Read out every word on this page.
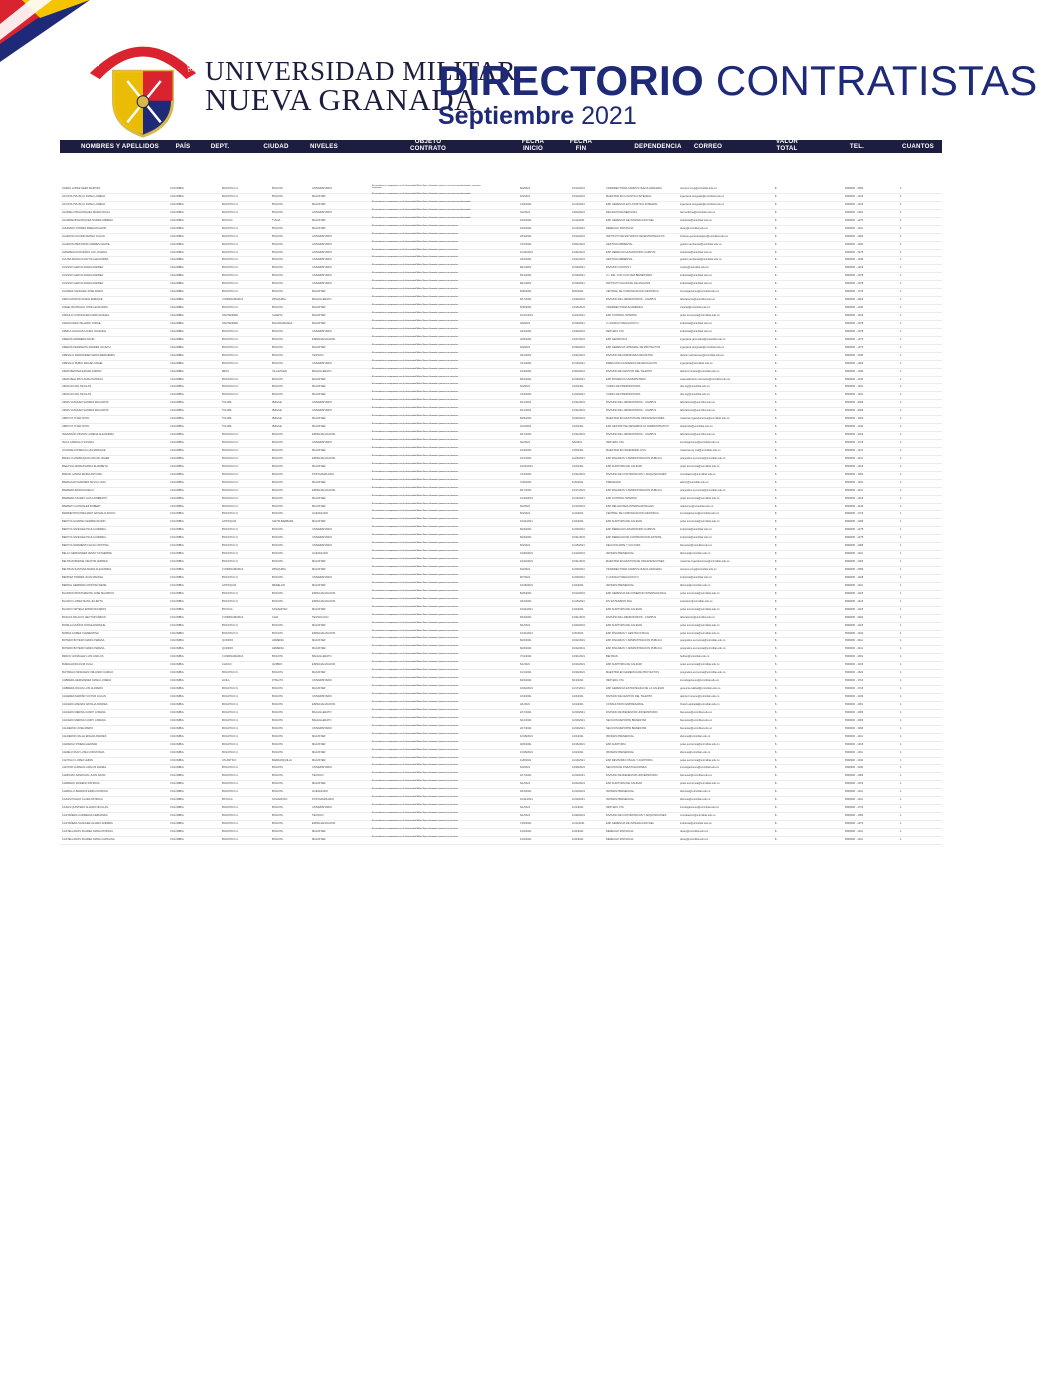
SCIENTIAE · PATRIAE · FAMILIAE UNIVERSIDAD MILITAR
NUEVA GRANADA
DIRECTORIO CONTRATISTAS
Septiembre 2021
NOMBRES Y APELLIDOS	PAÍS	DEPT.	CIUDAD	NIVELES
OBJETO
CONTRATO
FECHA
INICIO
FECHA
FIN	DEPENDENCIA	CORREO
VALOR
TOTAL	TEL.	CUANTOS
ACERO LOPEZ HEIDI MARITZA	COLOMBIA	BOGOTA D.C.	BOGOTA	UNIVERSITARIO
El contratista se compromete con la Universidad Militar Nueva Granada a prestar sus servicios profesionales, con plena autonomía	8/4/2021	15/12/2021	VICERRECTORIA CAMPUS NUEVA GRANADA	campus.vcng@unimilitar.edu.co	$	6500000 - 3050	1
ACOSTA TRUJILLO DIANA LORENA	COLOMBIA	BOGOTA D.C.	BOGOTA	MAGISTER
El contratista se compromete con la Universidad Militar Nueva Granada a prestar sus servicios profesionales
9/4/2021	15/12/2021	MAESTRIA EN LOGISTICA INTEGRAL	ingenieria.posgrado@unimilitar.edu.co	$	6500000 - 1215	1
ACOSTA TRUJILLO DIANA LORENA	COLOMBIA	BOGOTA D.C.	BOGOTA	MAGISTER
El contratista se compromete con la Universidad Militar Nueva Granada a prestar sus servicios profesionales
13/4/2021	11/12/2021	ESP GERENCIA EN LOGISTICA INTEGRAL	ingenieria.posgrado@unimilitar.edu.co	$	6500000 - 1215	1
AGUDELO BOHORQUEZ MARIA PAOLA	COLOMBIA	BOGOTA D.C.	BOGOTA	UNIVERSITARIO
El contratista se compromete con la Universidad Militar Nueva Granada a prestar sus servicios profesionales
4/2/2021	12/02/2021	DECANATURA MEDICINA	facmedicina@unimilitar.edu.co	$	6500000 - 2001	1
AGUIRRE BOHORQUEZ NORMA ANDREA	COLOMBIA	BOYACA	TUNJA	MAGISTER
El contratista se compromete con la Universidad Militar Nueva Granada a prestar sus servicios profesionales
15/4/2021	11/11/2021	ESP GERENCIA DE INTEGRACION DEL	industrial@unimilitar.edu.co	$	6500000 - 1270	1
AHUMADA TORRES BREHAN DAVID	COLOMBIA	BOGOTA D.C.	BOGOTA	MAGISTER
El contratista se compromete con la Universidad Militar Nueva Granada a prestar sus servicios
15/4/2021	11/12/2021	DERECHO DISTANCIA	derep@unimilitar.edu.co	$	6500000 - 1311	1
ALARCON GUARIN MATEO JULIAN	COLOMBIA	BOGOTA D.C.	BOGOTA	UNIVERSITARIO
El contratista se compromete con la Universidad Militar Nueva Granada a prestar sus servicios
2/19/2021	15/12/2021	INSTITUTO DE ESTUDIOS GEOESTRATEGICOS	instituto.geoestrategico@unimilitar.edu.co	$	6500000 - 1360	1
ALARCON BESTIDOR ANDRES FELIPE	COLOMBIA	BOGOTA D.C.	BOGOTA	UNIVERSITARIO
El contratista se compromete con la Universidad Militar Nueva Granada a prestar sus servicios
7/10/2021	15/01/2021	GESTION AMBIENTAL	gestion.ambiental@unimilitar.edu.co	$	6500000 - 1030	1
ALBARRACIN DUEÑAS LUZ JOHANA	COLOMBIA	BOGOTA D.C.	BOGOTA	UNIVERSITARIO
El contratista se compromete con la Universidad Militar Nueva Granada a prestar sus servicios
10/16/2021	12/31/2021	ESP DERECHO HUMANITARIO CAMPUS	industrial@unimilitar.edu.co	$	6500000 - 3176	1
ALCINA FRANCO RAYOS ALEJANDRA	COLOMBIA	BOGOTA D.C.	BOGOTA	UNIVERSITARIO
El contratista se compromete con la Universidad Militar Nueva Granada a prestar sus servicios
2/10/2021	12/21/2021	GESTION AMBIENTAL	gestion.ambiental@unimilitar.edu.co	$	6500000 - 1046	1
ALONSO GARCIA DIANA ANDREA	COLOMBIA	BOGOTA D.C.	BOGOTA	UNIVERSITARIO
El contratista se compromete con la Universidad Militar Nueva Granada a prestar sus servicios
8/11/2021	11/30/2021	DIVISION COSTOS Y	costos@unimilitar.edu.co	$	6500000 - 1219	1
ALONSO GARCIA DIANA ANDREA	COLOMBIA	BOGOTA D.C.	BOGOTA	UNIVERSITARIO
El contratista se compromete con la Universidad Militar Nueva Granada a prestar sus servicios
8/12/2021	11/30/2021	C.I. IND. CON CULTURA BIENESTARO	industrial@unimilitar.edu.co	$	6500000 - 1278	1
ALONSO GARCIA DIANA ANDREA	COLOMBIA	BOGOTA D.C.	BOGOTA	UNIVERSITARIO
El contratista se compromete con la Universidad Militar Nueva Granada a prestar sus servicios
8/11/2021	11/30/2021	INSTITUTO NACIONAL DE ANALISIS	industrial@unimilitar.edu.co	$	6500000 - 1278	1
ALVAREZ SANCHEZ JOSE DARIO	COLOMBIA	BOGOTA D.C.	BOGOTA	MAGISTER
El contratista se compromete con la Universidad Militar Nueva Granada a prestar sus servicios
8/30/2021	8/30/2021	CENTRAL DE COMUNICACION CIENTIFICA	investigaciones@unimilitar.edu.co	$	6500000 - 1716	1
AMAYA RINCON DIANA ENRIQUE	COLOMBIA	CUNDINAMARCA	ZIPAQUIRA	BACHILLERATO
El contratista se compromete con la Universidad Militar Nueva Granada a prestar sus servicios
6/17/2021	12/30/2021	DIVISION DE LABORATORIOS - CAMPUS	laboratorios@unimilitar.edu.co	$	6500000 - 3022	1
ANGEL BUITRAGO JOSE LEONARDO	COLOMBIA	BOGOTA D.C.	BOGOTA	MAGISTER
El contratista se compromete con la Universidad Militar Nueva Granada a prestar sus servicios
5/30/2021	12/15/2021	VICERRECTORIA ACADEMICA	vicacad@unimilitar.edu.co	$	6500000 - 1130	1
ANGULO CORONA EDUARDO RAFAEL	COLOMBIA	SANTANDER	CHARTA	MAGISTER
El contratista se compromete con la Universidad Militar Nueva Granada a prestar sus servicios
10/17/2021	11/21/2021	ESP CONTROL INTERNO	posei.economia@unimilitar.edu.co	$	6500000 - 1315	1
ARANGUREN TALLERO JORGE	COLOMBIA	SANTANDER	BUCARAMANGA	MAGISTER
El contratista se compromete con la Universidad Militar Nueva Granada a prestar sus servicios
4/9/2021	11/30/2021	C.CONSULT RELIGIOSO N.	industrial@unimilitar.edu.co	$	6500000 - 1278	1
ARDILA HOLGUIN LAURA JOHANNA	COLOMBIA	BOGOTA D.C.	BOGOTA	UNIVERSITARIO
El contratista se compromete con la Universidad Militar Nueva Granada a prestar sus servicios
4/19/2021	12/30/2021	INFP EDU CTA	industrial@unimilitar.edu.co	$	6500000 - 1278	1
ARENAS HERRERA DAVID	COLOMBIA	BOGOTA D.C.	BOGOTA	ESPECIALIZACION
El contratista se compromete con la Universidad Militar Nueva Granada a prestar sus servicios
4/26/2021	12/27/2021	ESP GEOMATICA	ingenieria.geomatica@unimilitar.edu.co	$	6500000 - 1273	1
ARENAS PEDRAHITA ANDRES JULIETH	COLOMBIA	BOGOTA D.C.	BOGOTA	MAGISTER
El contratista se compromete con la Universidad Militar Nueva Granada a prestar sus servicios
9/4/2021	10/29/2021	ESP GERENCIA INTEGRAL DE PROYECTOS	ingenieria.posgrado@unimilitar.edu.co	$	6500000 - 1273	1
AREVALO FERNANDEZ MARIA MERCEDES	COLOMBIA	BOGOTA D.C.	BOGOTA	TECNICO
El contratista se compromete con la Universidad Militar Nueva Granada a prestar sus servicios
3/11/2021	12/31/2021	DIVISION DE ADMISIONES REGISTRO	division.admisiones@unimilitar.edu.co	$	6500000 - 1138	1
AREVALO RUBIO MIGUEL ANGEL	COLOMBIA	BOGOTA D.C.	BOGOTA	UNIVERSITARIO
El contratista se compromete con la Universidad Militar Nueva Granada a prestar sus servicios
7/12/2021	11/13/2021	DIRECCION ACADEMICA DE EDUCACION	ingenieria@unimilitar.edu.co	$	6500000 - 1281	1
ARIAS BENITEZ EDGAR FABIAN	COLOMBIA	META	VILLAVICEN	BACHILLERATO
El contratista se compromete con la Universidad Militar Nueva Granada a prestar sus servicios
10/4/2021	12/04/2021	DIVISION DE GESTION DEL TALENTO	talento.humano@unimilitar.edu.co	$	6500000 - 1040	1
ARIAS BELLIDO LAURA PATRICIA	COLOMBIA	BOGOTA D.C.	BOGOTA	MAGISTER
El contratista se compromete con la Universidad Militar Nueva Granada a prestar sus servicios
8/10/2021	11/30/2021	ESP DOCENCIA UNIVERSITARIA	especializacion.docencia@unimilitar.edu.co	$	6500000 - 1145	1
ARIAS ROJAS NICOLAS	COLOMBIA	BOGOTA D.C.	BOGOTA	MAGISTER
El contratista se compromete con la Universidad Militar Nueva Granada a prestar sus servicios
6/4/2021	12/2/2021	CURSO DE PREPARATORIA	dec.ing@unimilitar.edu.co	$	6500000 - 1261	1
ARIAS ROJAS NICOLAS	COLOMBIA	BOGOTA D.C.	BOGOTA	MAGISTER
El contratista se compromete con la Universidad Militar Nueva Granada a prestar sus servicios
7/19/2021	11/30/2021	CURSO DE PREPARATORIA	dec.ing@unimilitar.edu.co	$	6500000 - 1261	1
ARIAS VASQUEZ SANDRA MILAGROS	COLOMBIA	TOLIMA	IBAGUE	UNIVERSITARIO
El contratista se compromete con la Universidad Militar Nueva Granada a prestar sus servicios
6/11/2021	12/31/2021	DIVISION DE LABORATORIOS - CAMPUS	laboratorios@unimilitar.edu.co	$	6500000 - 3006	1
ARIAS VASQUEZ SANDRA MILAGROS	COLOMBIA	TOLIMA	IBAGUE	UNIVERSITARIO
El contratista se compromete con la Universidad Militar Nueva Granada a prestar sus servicios
6/11/2021	12/31/2021	DIVISION DE LABORATORIOS - CAMPUS	laboratorios@unimilitar.edu.co	$	6500000 - 3006	1
ARROYO TIVAR RUTH	COLOMBIA	TOLIMA	IBAGUE	MAGISTER
El contratista se compromete con la Universidad Militar Nueva Granada a prestar sus servicios
8/29/2021	10/29/2021	MAESTRIA EN GESTION DE ORGANIZACIONES	maestria.organizaciones@unimilitar.edu.co	$	6500000 - 1303	1
ARROYO TIVAR RUTH	COLOMBIA	TOLIMA	IBAGUE	MAGISTER
El contratista se compromete con la Universidad Militar Nueva Granada a prestar sus servicios
11/2/2021	12/2/2021	ESP GESTION DE DESARROLLO ADMINISTRATIVO	desarrollo@unimilitar.edu.co	$	6500000 - 1344	1
AVENDAÑO PINZON LORENA ALEJANDRA	COLOMBIA	BOGOTA D.C.	BOGOTA	ESPECIALIZACION
El contratista se compromete con la Universidad Militar Nueva Granada a prestar sus servicios
6/17/2021	12/31/2021	DIVISION DE LABORATORIOS - CAMPUS	laboratorios@unimilitar.edu.co	$	6500000 - 3016	1
AVILA CARRILLO SILVANA	COLOMBIA	BOGOTA D.C.	BOGOTA	UNIVERSITARIO
El contratista se compromete con la Universidad Militar Nueva Granada a prestar sus servicios
6/2/2021	6/6/2021	INFP EDU CTA	investigaciones@unimilitar.edu.co	$	6500000 - 1716	1
AYURIDE FONSECA LUIS ENRIQUE	COLOMBIA	BOGOTA D.C.	BOGOTA	MAGISTER
El contratista se compromete con la Universidad Militar Nueva Granada a prestar sus servicios
10/4/2021	12/5/2021	MAESTRIA EN INGENIERIA CIVIL	maestria.ing.civil@unimilitar.edu.co	$	6500000 - 1274	1
BADILLO MARROQUIN OSCAR JAVIER	COLOMBIA	BOGOTA D.C.	BOGOTA	ESPECIALIZACION
El contratista se compromete con la Universidad Militar Nueva Granada a prestar sus servicios
10/7/2021	11/26/2021	ESP FINANZAS Y ADMINISTRACION PUBLICA	posgrados.economia@unimilitar.edu.co	$	6500000 - 3411	1
BAEZ VILLAMIZAR ERIKA ELIZABETH	COLOMBIA	BOGOTA D.C.	BOGOTA	MAGISTER
El contratista se compromete con la Universidad Militar Nueva Granada a prestar sus servicios
10/11/2021	12/2/2021	ESP AUDITORIA DE CALIDAD	posei.economia@unimilitar.edu.co	$	6500000 - 1315	1
BARON LANDIA MARIA ANTONIA	COLOMBIA	BOGOTA D.C.	BOGOTA	POSTGRADUADO
El contratista se compromete con la Universidad Militar Nueva Granada a prestar sus servicios
7/13/2021	12/31/2021	DIVISION DE CONTRATACION Y ADQUISICIONES	contratacion@unimilitar.edu.co	$	6500000 - 1054	1
BARRAGAN MARINES SILVIA LUCIA	COLOMBIA	BOGOTA D.C.	BOGOTA	MAGISTER
El contratista se compromete con la Universidad Militar Nueva Granada a prestar sus servicios
7/30/2021	11/5/2021	PREGRADO	admin@unimilitar.edu.co	$	6500000 - 1461	1
BARRERA BASSIN DIEGO	COLOMBIA	BOGOTA D.C.	BOGOTA	ESPECIALIZACION
El contratista se compromete con la Universidad Militar Nueva Granada a prestar sus servicios
9/17/2021	10/17/2021	ESP FINANZAS Y ADMINISTRACION PUBLICA	posgrados.economia@unimilitar.edu.co	$	6500000 - 3411	1
BARRERA TALERO LUIS HUMBERTO	COLOMBIA	BOGOTA D.C.	BOGOTA	MAGISTER
El contratista se compromete con la Universidad Militar Nueva Granada a prestar sus servicios
10/10/2021	11/13/2021	ESP CONTROL INTERNO	posei.economia@unimilitar.edu.co	$	6500000 - 1315	1
BARRETO GONZALEZ ROBERT	COLOMBIA	BOGOTA D.C.	BOGOTA	MAGISTER
El contratista se compromete con la Universidad Militar Nueva Granada a prestar sus servicios
6/2/2021	12/13/2021	ESP RELACIONES INTERNACIONALES	relaciones@unimilitar.edu.co	$	6500000 - 1444	1
BARRIENTOS PRECIADO NATHALIA ROCIO	COLOMBIA	BOGOTA D.C.	BOGOTA	LICENCIADO
El contratista se compromete con la Universidad Militar Nueva Granada a prestar sus servicios
8/4/2021	11/4/2021	CENTRAL DE COMUNICACION CIENTIFICA	investigaciones@unimilitar.edu.co	$	6500000 - 1716	1
BEDOYA GUZMAN GERMAN DARIO	COLOMBIA	ANTIOQUIA	SANTA BARBARA	MAGISTER
El contratista se compromete con la Universidad Militar Nueva Granada a prestar sus servicios
10/11/2021	12/2/2021	ESP AUDITORIA DE CALIDAD	posei.economia@unimilitar.edu.co	$	6500000 - 1309	1
BEDOYA SANCHEZ PAULA ANDREA	COLOMBIA	BOGOTA D.C.	BOGOTA	UNIVERSITARIO
El contratista se compromete con la Universidad Militar Nueva Granada a prestar sus servicios
8/24/2021	11/30/2021	ESP DERECHO HUMANITARIO CAMPUS	industrial@unimilitar.edu.co	$	6500000 - 1275	1
BEDOYA SANCHEZ PAULA ANDREA	COLOMBIA	BOGOTA D.C.	BOGOTA	UNIVERSITARIO
El contratista se compromete con la Universidad Militar Nueva Granada a prestar sus servicios
8/24/2021	10/31/2021	ESP DERECHO DE CONTRATACION ESTATAL	industrial@unimilitar.edu.co	$	6500000 - 1275	1
BEDOYA SARMIENTO ELSA CRISTINA	COLOMBIA	BOGOTA D.C.	BOGOTA	UNIVERSITARIO
El contratista se compromete con la Universidad Militar Nueva Granada a prestar sus servicios
8/4/2021	11/15/2021	SECCION ARTE Y CULTURA	bienestar@unimilitar.edu.co	$	6500000 - 1096	1
BELLO HERNANDEZ JENNY KATHERINE	COLOMBIA	BOGOTA D.C.	BOGOTA	LICENCIADO
El contratista se compromete con la Universidad Militar Nueva Granada a prestar sus servicios
10/20/2021	12/10/2021	IDIOMAS PRESENCIAL	idiomas@unimilitar.edu.co	$	6500000 - 1311	1
BELTRAN BERNAL NESTOR ANDRES	COLOMBIA	BOGOTA D.C.	BOGOTA	MAGISTER
El contratista se compromete con la Universidad Militar Nueva Granada a prestar sus servicios
10/12/2021	10/31/2021	MAESTRIA EN GESTION DE ORGANIZACIONES	maestria.organizaciones@unimilitar.edu.co	$	6500000 - 1303	1
BELTRAN SANTANA MARIA ALEJANDRA	COLOMBIA	CUNDINAMARCA	ZIPAQUIRA	MAGISTER
El contratista se compromete con la Universidad Militar Nueva Granada a prestar sus servicios
6/2/2021	11/30/2021	VICERRECTORIA CAMPUS NUEVA GRANADA	campus.vcng@unimilitar.edu.co	$	6500000 - 3050	1
BENITEZ TORRES JUAN MANUEL	COLOMBIA	BOGOTA D.C.	BOGOTA	UNIVERSITARIO
El contratista se compromete con la Universidad Militar Nueva Granada a prestar sus servicios
8/7/2021	11/30/2021	C.CONSULT RELIGIOSO N.	industrial@unimilitar.edu.co	$	6500000 - 1018	1
BERNAL HERRERA CRISTIAN RENE	COLOMBIA	ANTIOQUIA	MEDELLIN	MAGISTER
El contratista se compromete con la Universidad Militar Nueva Granada a prestar sus servicios
10/18/2021	12/2/2021	IDIOMAS PRESENCIAL	idiomas@unimilitar.edu.co	$	6500000 - 1311	1
BLANDON BUSTAMANTE JOSE MAURICIO	COLOMBIA	BOGOTA D.C.	BOGOTA	ESPECIALIZACION
El contratista se compromete con la Universidad Militar Nueva Granada a prestar sus servicios
8/26/2021	10/13/2021	ESP GERENCIA DE COMERCIO INTERNACIONAL	posei.economia@unimilitar.edu.co	$	6500000 - 1315	1
BLANCO LOPEZ DIANA JULIETTA	COLOMBIA	BOGOTA D.C.	BOGOTA	ESPECIALIZACION
El contratista se compromete con la Universidad Militar Nueva Granada a prestar sus servicios
2/16/2021	11/16/2021	DIV EXTENSION PAG	extension@unimilitar.edu.co	$	6500000 - 1416	1
BLANCO ORTEGA EDWIN RICARDO	COLOMBIA	BOYACA	SOGAMOSO	MAGISTER
El contratista se compromete con la Universidad Militar Nueva Granada a prestar sus servicios
10/11/2021	12/2/2021	ESP AUDITORIA DE CALIDAD	posei.economia@unimilitar.edu.co	$	6500000 - 1315	1
BOJACA PALACIO HECTOR FABIAN	COLOMBIA	CUNDINAMARCA	CHIA	TECNOLOGO
El contratista se compromete con la Universidad Militar Nueva Granada a prestar sus servicios
6/19/2021	12/31/2021	DIVISION DE LABORATORIOS - CAMPUS	laboratorios@unimilitar.edu.co	$	6500000 - 3022	1
BONILLA MUÑOZ JORGE ENRIQUE	COLOMBIA	BOGOTA D.C.	BOGOTA	MAGISTER
El contratista se compromete con la Universidad Militar Nueva Granada a prestar sus servicios
6/1/2021	12/20/2021	ESP AUDITORIA DE CALIDAD	posei.economia@unimilitar.edu.co	$	6500000 - 1315	1
BORDA GOMEZ CLEMENTINA	COLOMBIA	BOGOTA D.C.	BOGOTA	ESPECIALIZACION
El contratista se compromete con la Universidad Militar Nueva Granada a prestar sus servicios
10/11/2021	11/5/2021	ESP FINANZAS Y GESTION FISCAL	posei.economia@unimilitar.edu.co	$	6500000 - 1344	1
BOTERO BOTERO MARIA TERESA	COLOMBIA	QUINDIO	ARMENIA	MAGISTER
El contratista se compromete con la Universidad Militar Nueva Granada a prestar sus servicios
8/24/2021	10/22/2021	ESP FINANZAS Y ADMINISTRACION PUBLICA	posgrados.economia@unimilitar.edu.co	$	6500000 - 3411	1
BOTERO BOTERO MARIA TERESA	COLOMBIA	QUINDIO	ARMENIA	MAGISTER
El contratista se compromete con la Universidad Militar Nueva Granada a prestar sus servicios
8/24/2021	10/22/2021	ESP FINANZAS Y ADMINISTRACION PUBLICA	posgrados.economia@unimilitar.edu.co	$	6500000 - 3411	1
BRAVO GONZALEZ LUIS CARLOS	COLOMBIA	CUNDINAMARCA	BOGOTA	BACHILLERATO
El contratista se compromete con la Universidad Militar Nueva Granada a prestar sus servicios
7/31/2021	12/31/2021	BELTRAN	beltran@unimilitar.edu.co	$	6500000 - 1061	1
BUENAHORA RUIZ OLGA	COLOMBIA	CHOCO	QUIBDO	ESPECIALIZACION
El contratista se compromete con la Universidad Militar Nueva Granada a prestar sus servicios
6/1/2021	10/24/2021	ESP AUDITORIA DE CALIDAD	posei.economia@unimilitar.edu.co	$	6500000 - 1315	1
BUITRAGO MORALES ORLANDO CAMILO	COLOMBIA	BOGOTA D.C.	BOGOTA	MAGISTER
El contratista se compromete con la Universidad Militar Nueva Granada a prestar sus servicios
10/1/2021	10/30/2021	MAESTRIA EN GERENCIA DE PROYECTOS	posgrados.economia@unimilitar.edu.co	$	6500000 - 1622	1
CABRERA HERNANDEZ DIANA LORENA	COLOMBIA	HUILA	PITALITO	UNIVERSITARIO
El contratista se compromete con la Universidad Militar Nueva Granada a prestar sus servicios
8/24/2021	6/13/2021	INFP EDU CTA	investigaciones@unimilitar.edu.co	$	6500000 - 1716	1
CABRERA ROJAS LUIS ALFREDO	COLOMBIA	BOGOTA D.C.	BOGOTA	MAGISTER
El contratista se compromete con la Universidad Militar Nueva Granada a prestar sus servicios
10/22/2021	11/17/2021	ESP GERENCIA ESTRATEGICA DE LA CALIDAD	gerencia.calidad@unimilitar.edu.co	$	6500000 - 1716	1
CACERES MARIÑO VICTOR JULIAN	COLOMBIA	BOGOTA D.C.	BOGOTA	UNIVERSITARIO
El contratista se compromete con la Universidad Militar Nueva Granada a prestar sus servicios
10/4/2021	12/4/2021	DIVISION DE GESTION DEL TALENTO	talento.humano@unimilitar.edu.co	$	6500000 - 1046	1
CAICEDO ARENAS NATALIA ANDREA	COLOMBIA	BOGOTA D.C.	BOGOTA	ESPECIALIZACION
El contratista se compromete con la Universidad Militar Nueva Granada a prestar sus servicios
4/1/2021	12/1/2021	CONSULTORIO EMPRESARIAL	fintech.aplicada@unimilitar.edu.co	$	6500000 - 1351	1
CAICEDO MEDINA CANDY LORENA	COLOMBIA	BOGOTA D.C.	BOGOTA	BACHILLERATO
El contratista se compromete con la Universidad Militar Nueva Granada a prestar sus servicios
2/17/2021	11/30/2021	DIVISION DE BIENESTAR UNIVERSITARIO	bienestar@unimilitar.edu.co	$	6500000 - 1066	1
CAICEDO MEDINA CANDY LORENA	COLOMBIA	BOGOTA D.C.	BOGOTA	BACHILLERATO
El contratista se compromete con la Universidad Militar Nueva Granada a prestar sus servicios
6/14/2021	11/30/2021	SECCION DEPORTE BIENESTAR	bienestar@unimilitar.edu.co	$	6500000 - 1066	1
CALDERON JOSE MARIO	COLOMBIA	BOGOTA D.C.	BOGOTA	UNIVERSITARIO
El contratista se compromete con la Universidad Militar Nueva Granada a prestar sus servicios
2/17/2021	11/30/2021	SECCION DEPORTE BIENESTAR	bienestar@unimilitar.edu.co	$	6500000 - 1066	1
CALDERON VALLE EDGAR ANDRES	COLOMBIA	BOGOTA D.C.	BOGOTA	MAGISTER
El contratista se compromete con la Universidad Militar Nueva Granada a prestar sus servicios
10/18/2021	12/2/2021	IDIOMAS PRESENCIAL	idiomas@unimilitar.edu.co	$	6500000 - 1311	1
CAMARGO PINEDA HERNAN	COLOMBIA	BOGOTA D.C.	BOGOTA	MAGISTER
El contratista se compromete con la Universidad Militar Nueva Granada a prestar sus servicios
9/20/2021	10/16/2021	ESP AUDITORIA	posei.economia@unimilitar.edu.co	$	6500000 - 1315	1
CAMELO RUIZ LUISA CONSTANZA	COLOMBIA	BOGOTA D.C.	BOGOTA	MAGISTER
El contratista se compromete con la Universidad Militar Nueva Granada a prestar sus servicios
10/18/2021	12/2/2021	IDIOMAS PRESENCIAL	idiomas@unimilitar.edu.co	$	6500000 - 1311	1
CANTILLO LOPEZ LEIDIN	COLOMBIA	ATLANTICO	BARRANQUILLA	MAGISTER
El contratista se compromete con la Universidad Militar Nueva Granada a prestar sus servicios
11/8/2021	11/13/2021	ESP REVISORIA FISCAL Y AUDITORIA	posei.economia@unimilitar.edu.co	$	6500000 - 1344	1
CANTOR GUZMAN CARLOS DANIEL	COLOMBIA	BOGOTA D.C.	BOGOTA	UNIVERSITARIO
El contratista se compromete con la Universidad Militar Nueva Granada a prestar sus servicios
6/3/2021	12/30/2021	SECCION DE INVESTIGACIONES	investigaciones@unimilitar.edu.co	$	6500000 - 1106	1
CARDOZO SANDOVAL JUAN DAVID	COLOMBIA	BOGOTA D.C.	BOGOTA	TECNICO
El contratista se compromete con la Universidad Militar Nueva Granada a prestar sus servicios
2/17/2021	11/30/2021	DIVISION DE BIENESTAR UNIVERSITARIO	bienestar@unimilitar.edu.co	$	6500000 - 1066	1
CARRERO MORENO PATRICIA	COLOMBIA	BOGOTA D.C.	BOGOTA	MAGISTER
El contratista se compromete con la Universidad Militar Nueva Granada a prestar sus servicios
6/1/2021	10/24/2021	ESP AUDITORIA DE CALIDAD	posei.economia@unimilitar.edu.co	$	6500000 - 1315	1
CARRILLO BARRIOS ERIKA PATRICIA	COLOMBIA	BOGOTA D.C.	BOGOTA	LICENCIADO
El contratista se compromete con la Universidad Militar Nueva Granada a prestar sus servicios
6/15/2021	12/10/2021	IDIOMAS PRESENCIAL	idiomas@unimilitar.edu.co	$	6500000 - 1311	1
CASAS PULIDO CLARA PATRICIA	COLOMBIA	BOYACA	SOGAMOSO	POSTGRADUADO
El contratista se compromete con la Universidad Militar Nueva Granada a prestar sus servicios
10/11/2021	11/30/2021	IDIOMAS PRESENCIAL	idiomas@unimilitar.edu.co	$	6500000 - 1311	1
CASAS QUINTERO ALVARO NICOLAS	COLOMBIA	BOGOTA D.C.	BOGOTA	UNIVERSITARIO
El contratista se compromete con la Universidad Militar Nueva Granada a prestar sus servicios
6/1/2021	12/1/2021	INFP EDU CTA	investigaciones@unimilitar.edu.co	$	6500000 - 1716	1
CASTAÑEDA CARDENAS FERNANDA	COLOMBIA	BOGOTA D.C.	BOGOTA	TECNICO
El contratista se compromete con la Universidad Militar Nueva Granada a prestar sus servicios
6/1/2021	12/30/2021	DIVISION DE CONTRATACION Y ADQUISICIONES	contratacion@unimilitar.edu.co	$	6500000 - 1054	1
CASTAÑEDA SANCHEZ ALVARO ANDRES	COLOMBIA	BOGOTA D.C.	BOGOTA	ESPECIALIZACION
El contratista se compromete con la Universidad Militar Nueva Granada a prestar sus servicios
7/26/2021	11/11/2021	ESP GERENCIA DE INTEGRACION DEL	industrial@unimilitar.edu.co	$	6500000 - 1270	1
CASTELLANOS SUAREZ DIANA PATRICIA	COLOMBIA	BOGOTA D.C.	BOGOTA	MAGISTER
El contratista se compromete con la Universidad Militar Nueva Granada a prestar sus servicios
10/4/2021	12/2/2021	DERECHO DISTANCIA	derep@unimilitar.edu.co	$	6500000 - 1311	1
CASTELLANOS SUAREZ DIANA CAROLINA	COLOMBIA	BOGOTA D.C.	BOGOTA	MAGISTER
El contratista se compromete con la Universidad Militar Nueva Granada a prestar sus servicios
10/4/2021	12/2/2021	DERECHO DISTANCIA	derep@unimilitar.edu.co	$	6500000 - 1311	1
